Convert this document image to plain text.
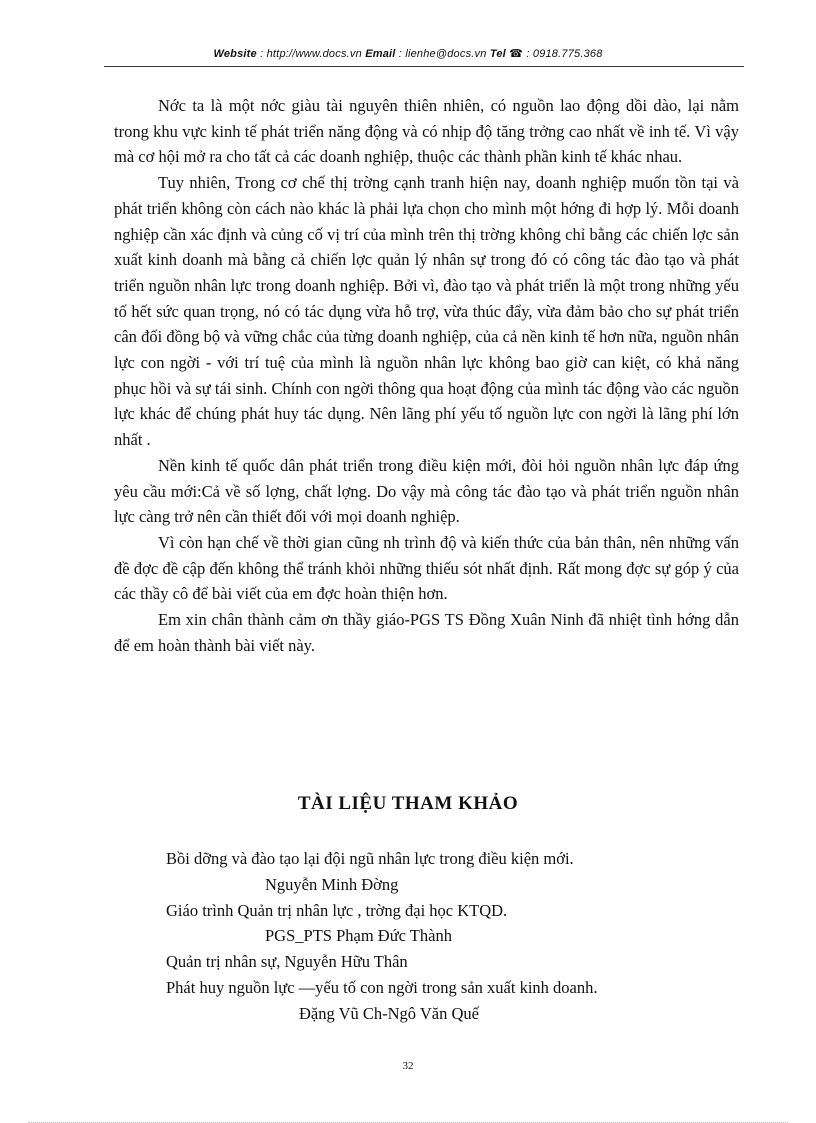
Website : http://www.docs.vn Email : lienhe@docs.vn Tel ☎ : 0918.775.368

Nớc ta là một nớc giàu tài nguyên thiên nhiên, có nguồn lao động dồi dào, lại nằm trong khu vực kinh tế phát triển năng động và có nhịp độ tăng trởng cao nhất về inh tế. Vì vậy mà cơ hội mở ra cho tất cả các doanh nghiệp, thuộc các thành phần kinh tế khác nhau.

Tuy nhiên, Trong cơ chế thị trờng cạnh tranh hiện nay, doanh nghiệp muốn tồn tại và phát triển không còn cách nào khác là phải lựa chọn cho mình một hớng đi hợp lý. Mỗi doanh nghiệp cần xác định và củng cố vị trí của mình trên thị trờng không chỉ bằng các chiến lợc sản xuất kinh doanh mà bằng cả chiến lợc quản lý nhân sự trong đó có công tác đào tạo và phát triển nguồn nhân lực trong doanh nghiệp. Bởi vì, đào tạo và phát triển là một trong những yếu tố hết sức quan trọng, nó có tác dụng vừa hỗ trợ, vừa thúc đẩy, vừa đảm bảo cho sự phát triển cân đối đồng bộ và vững chắc của từng doanh nghiệp, của cả nền kinh tế hơn nữa, nguồn nhân lực con ngời - với trí tuệ của mình là nguồn nhân lực không bao giờ can kiệt, có khả năng phục hồi và sự tái sinh. Chính con ngời thông qua hoạt động của mình tác động vào các nguồn lực khác để chúng phát huy tác dụng. Nên lãng phí yếu tố nguồn lực con ngời là lãng phí lớn nhất .

Nền kinh tế quốc dân phát triển trong điều kiện mới, đòi hỏi nguồn nhân lực đáp ứng yêu cầu mới:Cả về số lợng, chất lợng. Do vậy mà công tác đào tạo và phát triển nguồn nhân lực càng trở nên cần thiết đối với mọi doanh nghiệp.

Vì còn hạn chế về thời gian cũng nh trình độ và kiến thức của bản thân, nên những vấn đề đợc đề cập đến không thể tránh khỏi những thiếu sót nhất định. Rất mong đợc sự góp ý của các thầy cô để bài viết của em đợc hoàn thiện hơn.

Em xin chân thành cảm ơn thầy giáo-PGS TS Đồng Xuân Ninh đã nhiệt tình hớng dẫn để em hoàn thành bài viết này.

TÀI LIỆU THAM KHẢO
Bồi dỡng và đào tạo lại đội ngũ nhân lực trong điều kiện mới.
Nguyễn Minh Đờng
Giáo trình Quản trị nhân lực , trờng đại học KTQD.
PGS_PTS Phạm Đức Thành
Quản trị nhân sự, Nguyễn Hữu Thân
Phát huy nguồn lực —yếu tố con ngời trong sản xuất kinh doanh.
Đặng Vũ Ch-Ngô Văn Quế
32
